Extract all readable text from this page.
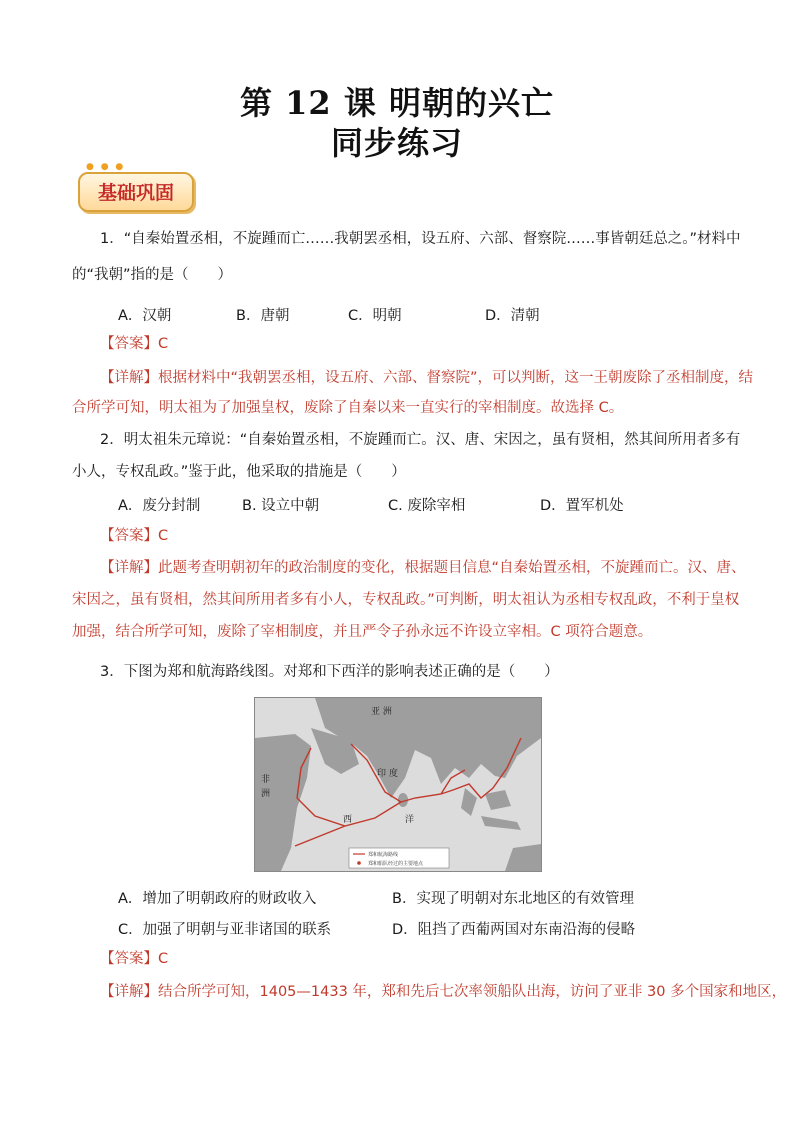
第 12 课 明朝的兴亡
同步练习
● ● ●
基础巩固
1．“自秦始置丞相，不旋踵而亡……我朝罢丞相，设五府、六部、督察院……事皆朝廷总之。”材料中
的“我朝”指的是（　　）
A．汉朝	B．唐朝	C．明朝	D．清朝
【答案】C
【详解】根据材料中“我朝罢丞相，设五府、六部、督察院”，可以判断，这一王朝废除了丞相制度，结
合所学可知，明太祖为了加强皇权，废除了自秦以来一直实行的宰相制度。故选择 C。
2．明太祖朱元璋说：“自秦始置丞相，不旋踵而亡。汉、唐、宋因之，虽有贤相，然其间所用者多有
小人，专权乱政。”鉴于此，他采取的措施是（　　）
A．废分封制	B. 设立中朝	C. 废除宰相	D．置军机处
【答案】C
【详解】此题考查明朝初年的政治制度的变化，根据题目信息“自秦始置丞相，不旋踵而亡。汉、唐、
宋因之，虽有贤相，然其间所用者多有小人，专权乱政。”可判断，明太祖认为丞相专权乱政，不利于皇权
加强，结合所学可知，废除了宰相制度，并且严令子孙永远不许设立宰相。C 项符合题意。
3．下图为郑和航海路线图。对郑和下西洋的影响表述正确的是（　　）
亚 洲
印 度
非
洲
西	洋
郑和航海路线
郑和船队经过的主要地点
A．增加了明朝政府的财政收入	B．实现了明朝对东北地区的有效管理
C．加强了明朝与亚非诸国的联系	D．阻挡了西葡两国对东南沿海的侵略
【答案】C
【详解】结合所学可知，1405—1433 年，郑和先后七次率领船队出海，访问了亚非 30 多个国家和地区，
